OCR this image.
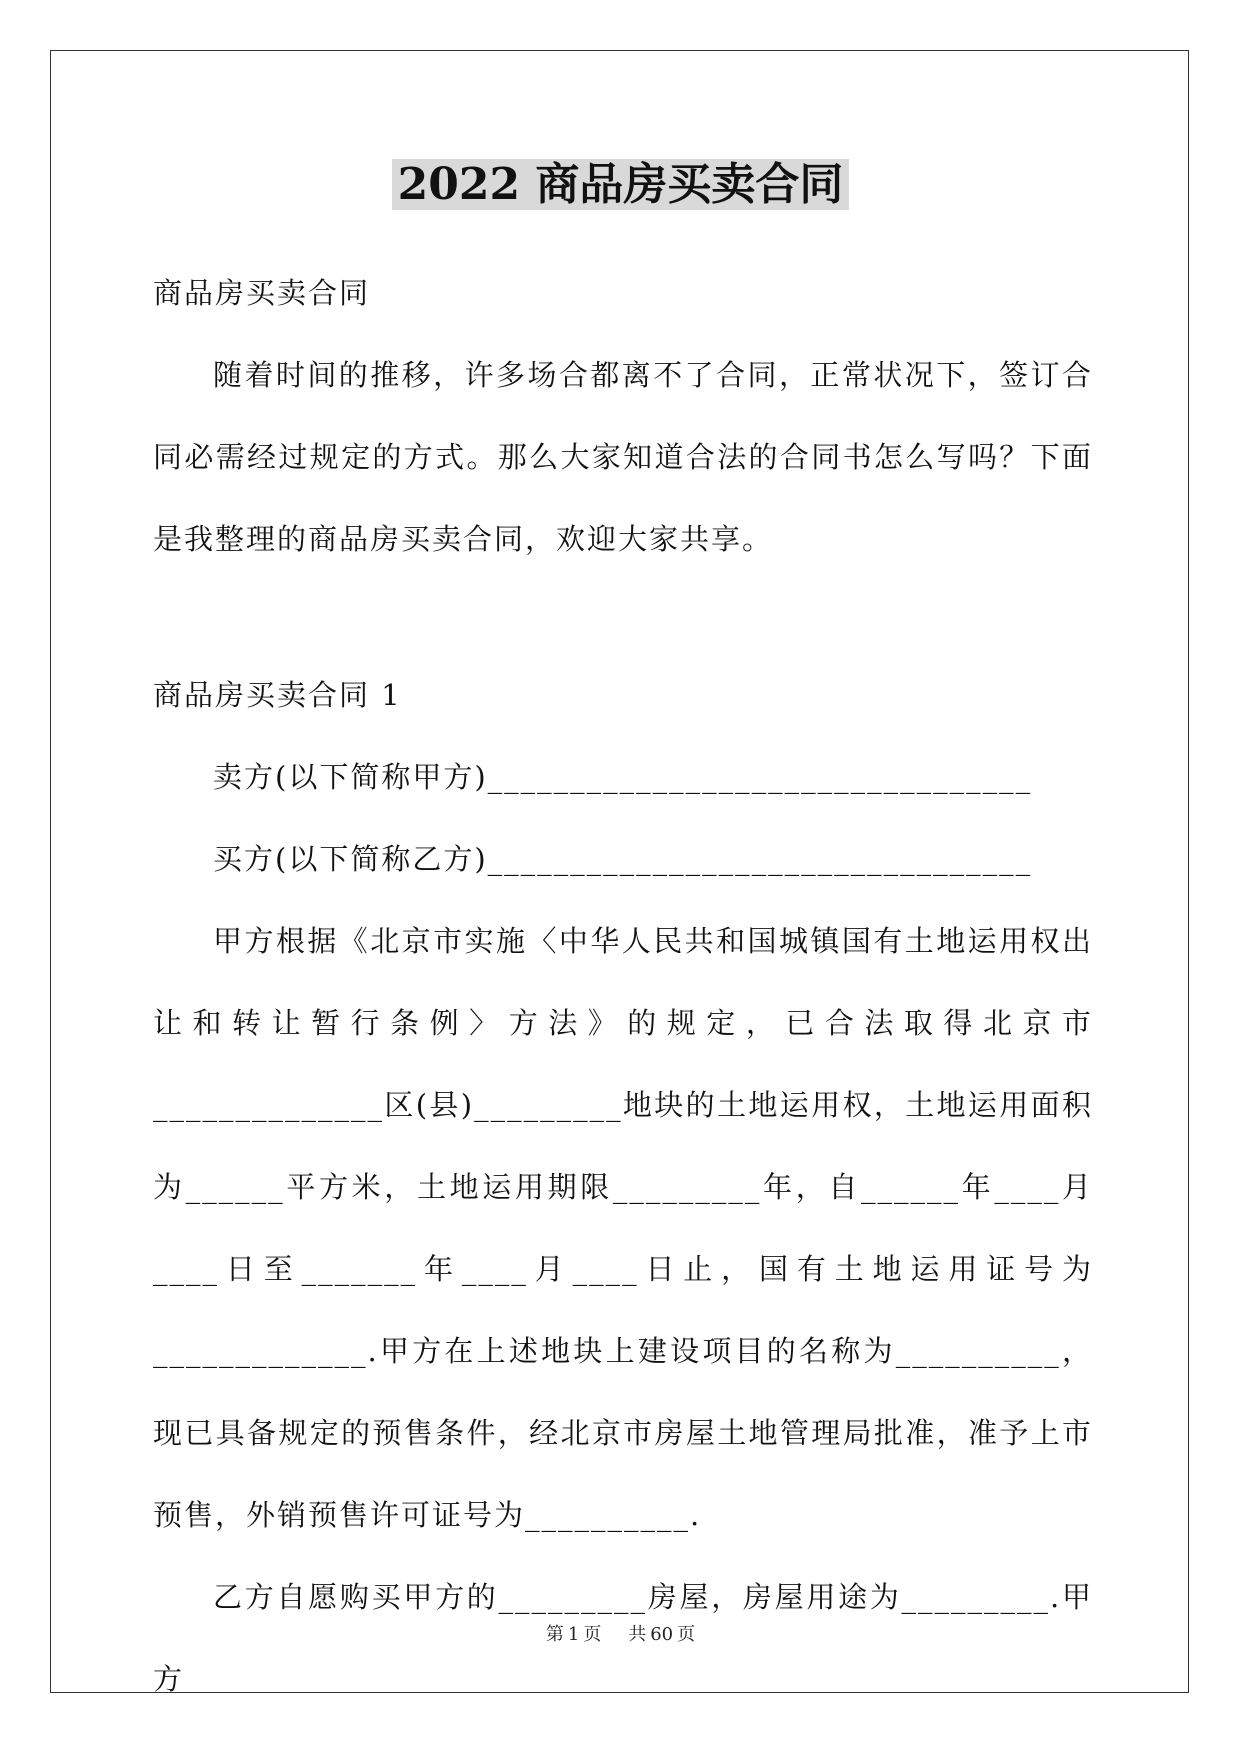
2022 商品房买卖合同

商品房买卖合同

随着时间的推移，许多场合都离不了合同，正常状况下，签订合同必需经过规定的方式。那么大家知道合法的合同书怎么写吗？下面是我整理的商品房买卖合同，欢迎大家共享。

商品房买卖合同 1

卖方(以下简称甲方)_________________________________

买方(以下简称乙方)_________________________________

甲方根据《北京市实施〈中华人民共和国城镇国有土地运用权出让和转让暂行条例〉方法》的规定，已合法取得北京市______________区(县)_________地块的土地运用权，土地运用面积为______平方米，土地运用期限_________年，自______年____月____日至_______年____月____日止，国有土地运用证号为_____________.甲方在上述地块上建设项目的名称为__________，现已具备规定的预售条件，经北京市房屋土地管理局批准，准予上市预售，外销预售许可证号为__________.

乙方自愿购买甲方的_________房屋，房屋用途为_________.甲方

第 1 页 共 60 页
